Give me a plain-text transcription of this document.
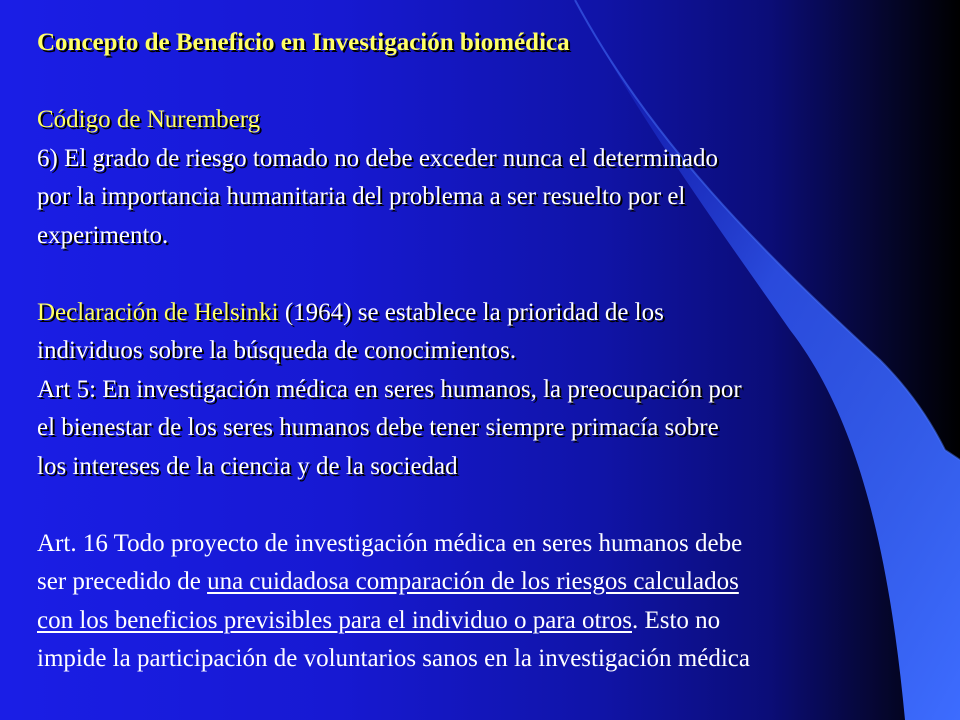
Concepto de Beneficio en Investigación biomédica
Código de Nuremberg
6) El grado de riesgo tomado no debe exceder nunca el determinado
por la importancia humanitaria del problema a ser resuelto por el
experimento.
Declaración de Helsinki (1964) se establece la prioridad de los
individuos sobre la búsqueda de conocimientos.
Art 5: En investigación médica en seres humanos, la preocupación por
el bienestar de los seres humanos debe tener siempre primacía sobre
los intereses de la ciencia y de la sociedad
Art. 16 Todo proyecto de investigación médica en seres humanos debe
ser precedido de una cuidadosa comparación de los riesgos calculados
con los beneficios previsibles para el individuo o para otros. Esto no
impide la participación de voluntarios sanos en la investigación médica
